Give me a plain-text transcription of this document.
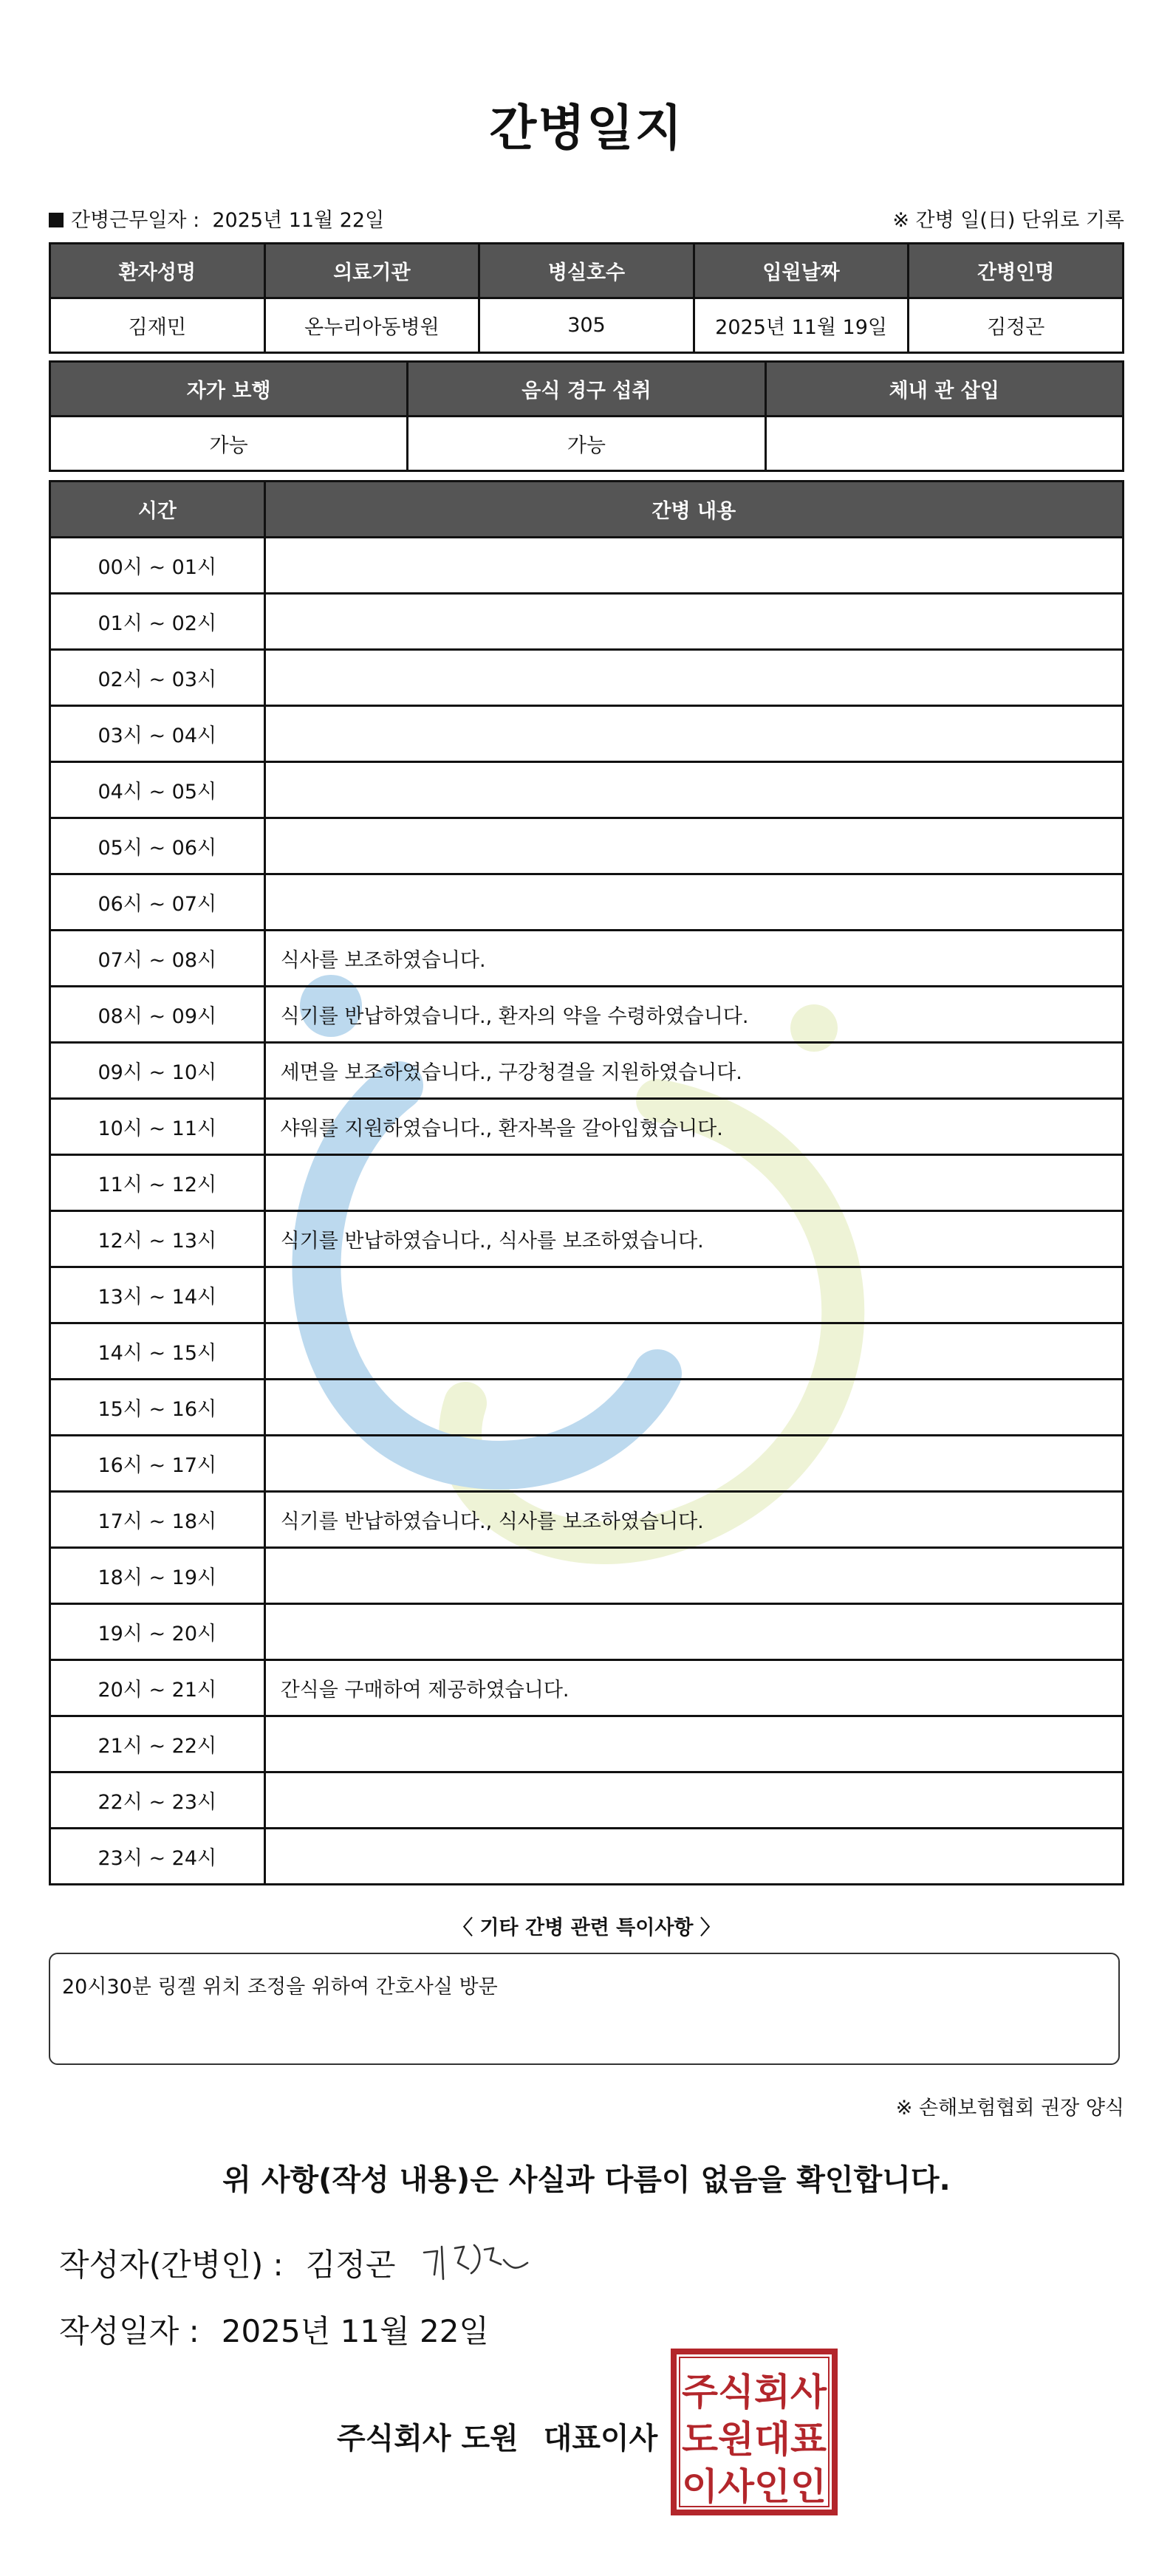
간병일지
간병근무일자 : 2025년 11월 22일	※ 간병 일(日) 단위로 기록
환자성명	의료기관	병실호수	입원날짜	간병인명
김재민	온누리아동병원	305	2025년 11월 19일	김정곤
자가 보행	음식 경구 섭취	체내 관 삽입
가능	가능	
시간	간병 내용
00시 ~ 01시	
01시 ~ 02시	
02시 ~ 03시	
03시 ~ 04시	
04시 ~ 05시	
05시 ~ 06시	
06시 ~ 07시	
07시 ~ 08시	식사를 보조하였습니다.
08시 ~ 09시	식기를 반납하였습니다., 환자의 약을 수령하였습니다.
09시 ~ 10시	세면을 보조하였습니다., 구강청결을 지원하였습니다.
10시 ~ 11시	샤워를 지원하였습니다., 환자복을 갈아입혔습니다.
11시 ~ 12시	
12시 ~ 13시	식기를 반납하였습니다., 식사를 보조하였습니다.
13시 ~ 14시	
14시 ~ 15시	
15시 ~ 16시	
16시 ~ 17시	
17시 ~ 18시	식기를 반납하였습니다., 식사를 보조하였습니다.
18시 ~ 19시	
19시 ~ 20시	
20시 ~ 21시	간식을 구매하여 제공하였습니다.
21시 ~ 22시	
22시 ~ 23시	
23시 ~ 24시	
〈 기타 간병 관련 특이사항 〉
20시30분 링겔 위치 조정을 위하여 간호사실 방문
※ 손해보험협회 권장 양식
위 사항(작성 내용)은 사실과 다름이 없음을 확인합니다.
작성자(간병인) : 김정곤
작성일자 : 2025년 11월 22일
주식회사 도원 대표이사
주식회사
도원대표
이사인인
